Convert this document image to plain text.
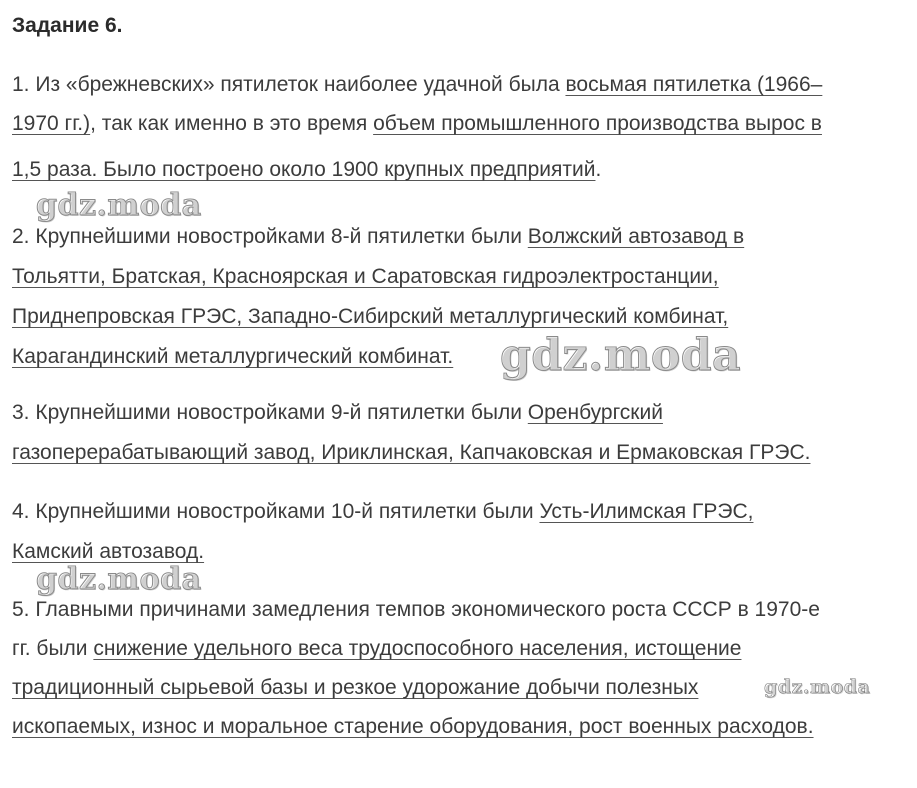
Задание 6.
1. Из «брежневских» пятилеток наиболее удачной была восьмая пятилетка (1966–
1970 гг.), так как именно в это время объем промышленного производства вырос в
1,5 раза. Было построено около 1900 крупных предприятий.
2. Крупнейшими новостройками 8-й пятилетки были Волжский автозавод в
Тольятти, Братская, Красноярская и Саратовская гидроэлектростанции,
Приднепровская ГРЭС, Западно-Сибирский металлургический комбинат,
Карагандинский металлургический комбинат.
3. Крупнейшими новостройками 9-й пятилетки были Оренбургский
газоперерабатывающий завод, Ириклинская, Капчаковская и Ермаковская ГРЭС.
4. Крупнейшими новостройками 10-й пятилетки были Усть-Илимская ГРЭС,
Камский автозавод.
5. Главными причинами замедления темпов экономического роста СССР в 1970-е
гг. были снижение удельного веса трудоспособного населения, истощение
традиционный сырьевой базы и резкое удорожание добычи полезных
ископаемых, износ и моральное старение оборудования, рост военных расходов.
gdz.moda
gdz.moda
gdz.moda
gdz.moda
